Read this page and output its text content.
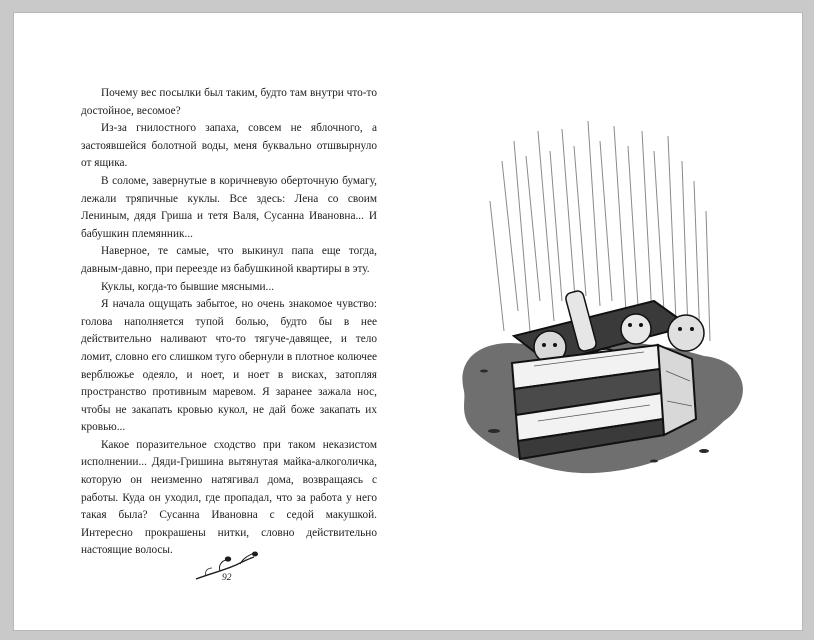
Почему вес посылки был таким, будто там внутри что-то достойное, весомое?

Из-за гнилостного запаха, совсем не яблочного, а застоявшейся болотной воды, меня буквально отшвырнуло от ящика.

В соломе, завернутые в коричневую оберточную бумагу, лежали тряпичные куклы. Все здесь: Лена со своим Лениным, дядя Гриша и тетя Валя, Сусанна Ивановна... И бабушкин племянник...

Наверное, те самые, что выкинул папа еще тогда, давным-давно, при переезде из бабушкиной квартиры в эту.

Куклы, когда-то бывшие мясными...

Я начала ощущать забытое, но очень знакомое чувство: голова наполняется тупой болью, будто бы в нее действительно наливают что-то тягуче-давящее, и тело ломит, словно его слишком туго обернули в плотное колючее верблюжье одеяло, и ноет, и ноет в висках, затопляя пространство противным маревом. Я заранее зажала нос, чтобы не закапать кровью кукол, не дай боже закапать их кровью...

Какое поразительное сходство при таком неказистом исполнении... Дяди-Гришина вытянутая майка-алкоголичка, которую он неизменно натягивал дома, возвращаясь с работы. Куда он уходил, где пропадал, что за работа у него такая была? Сусанна Ивановна с седой макушкой. Интересно прокрашены нитки, словно действительно настоящие волосы.

92
